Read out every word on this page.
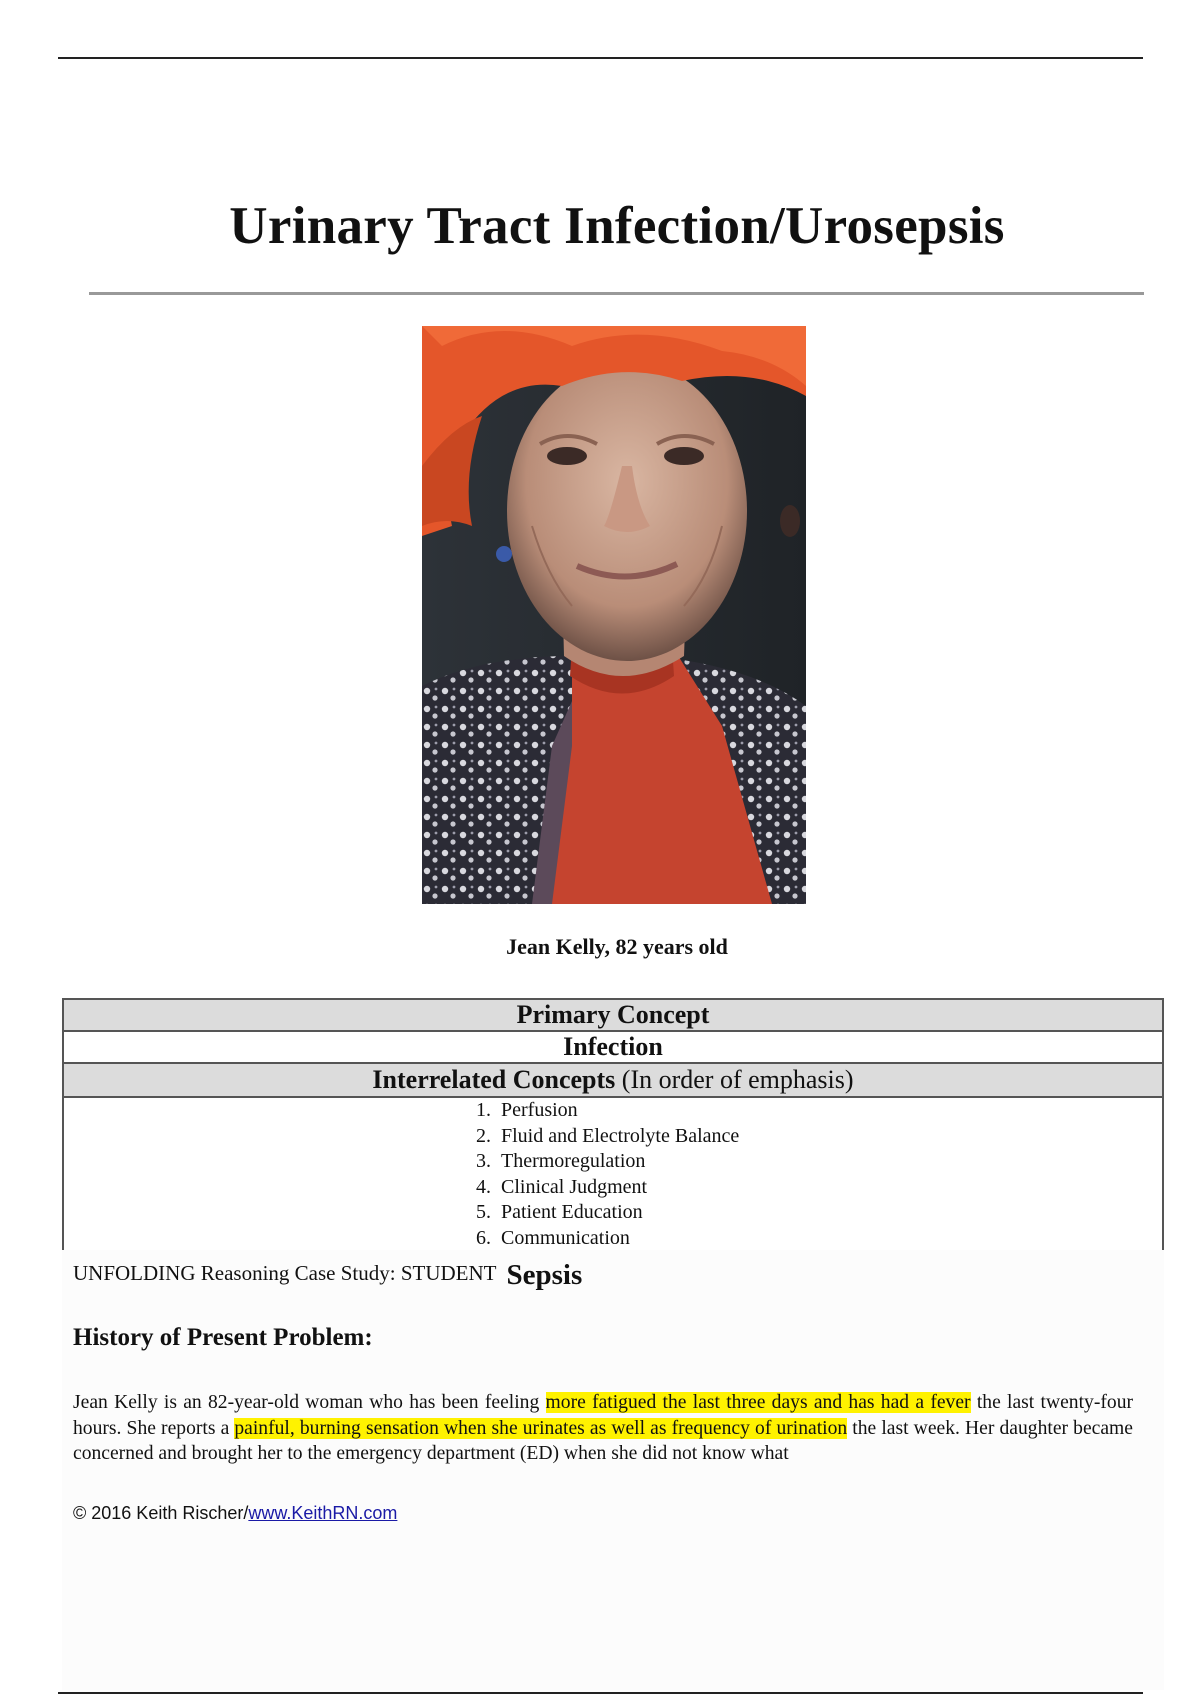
Urinary Tract Infection/Urosepsis
Jean Kelly, 82 years old
Primary Concept
Infection
Interrelated Concepts (In order of emphasis)

1. Perfusion
2. Fluid and Electrolyte Balance
3. Thermoregulation
4. Clinical Judgment
5. Patient Education
6. Communication
UNFOLDING Reasoning Case Study: STUDENT Sepsis
History of Present Problem:
Jean Kelly is an 82-year-old woman who has been feeling more fatigued the last three days and has had a fever the last twenty-four hours. She reports a painful, burning sensation when she urinates as well as frequency of urination the last week. Her daughter became concerned and brought her to the emergency department (ED) when she did not know what
© 2016 Keith Rischer/www.KeithRN.com
